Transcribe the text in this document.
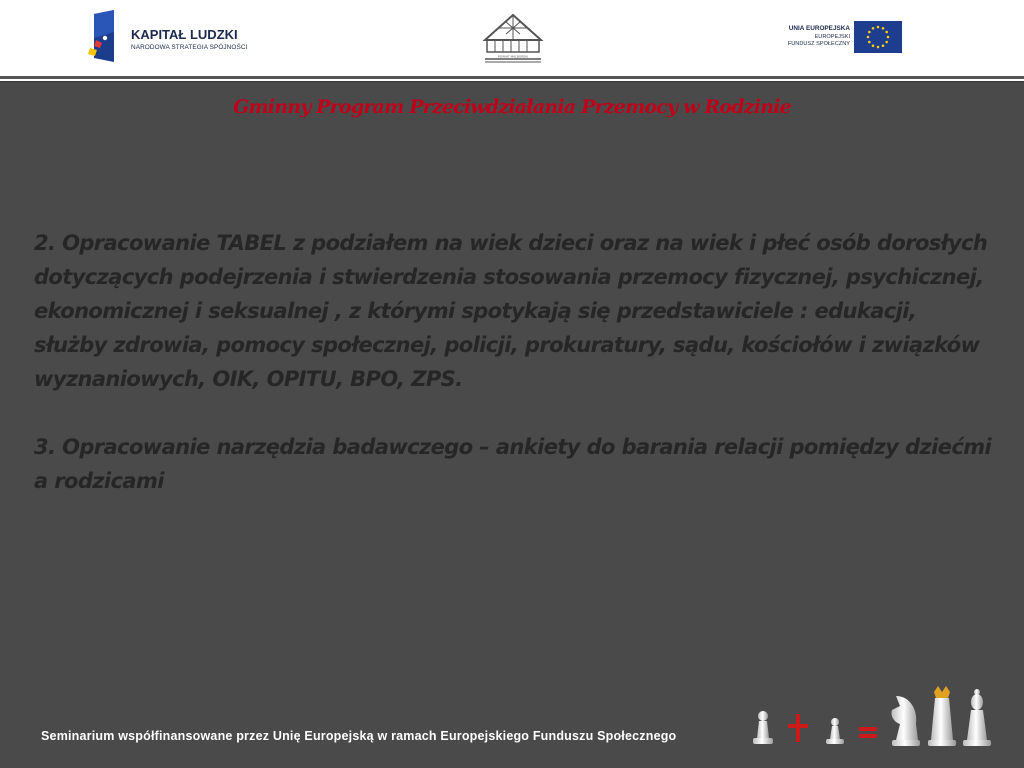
KAPITAŁ LUDZKI
NARODOWA STRATEGIA SPÓJNOŚCI
POWIAT MALBORSKI
UNIA EUROPEJSKA
EUROPEJSKI
FUNDUSZ SPOŁECZNY
Gminny Program Przeciwdziałania Przemocy w Rodzinie

2. Opracowanie TABEL z podziałem na wiek dzieci oraz na wiek i płeć osób dorosłych dotyczących podejrzenia i stwierdzenia stosowania przemocy fizycznej, psychicznej, ekonomicznej i seksualnej , z którymi spotykają się przedstawiciele : edukacji, służby zdrowia, pomocy społecznej, policji, prokuratury, sądu, kościołów i związków wyznaniowych, OIK, OPITU, BPO, ZPS.

3. Opracowanie narzędzia badawczego – ankiety do barania relacji pomiędzy dziećmi a rodzicami

Seminarium współfinansowane przez Unię Europejską w ramach Europejskiego Funduszu Społecznego
